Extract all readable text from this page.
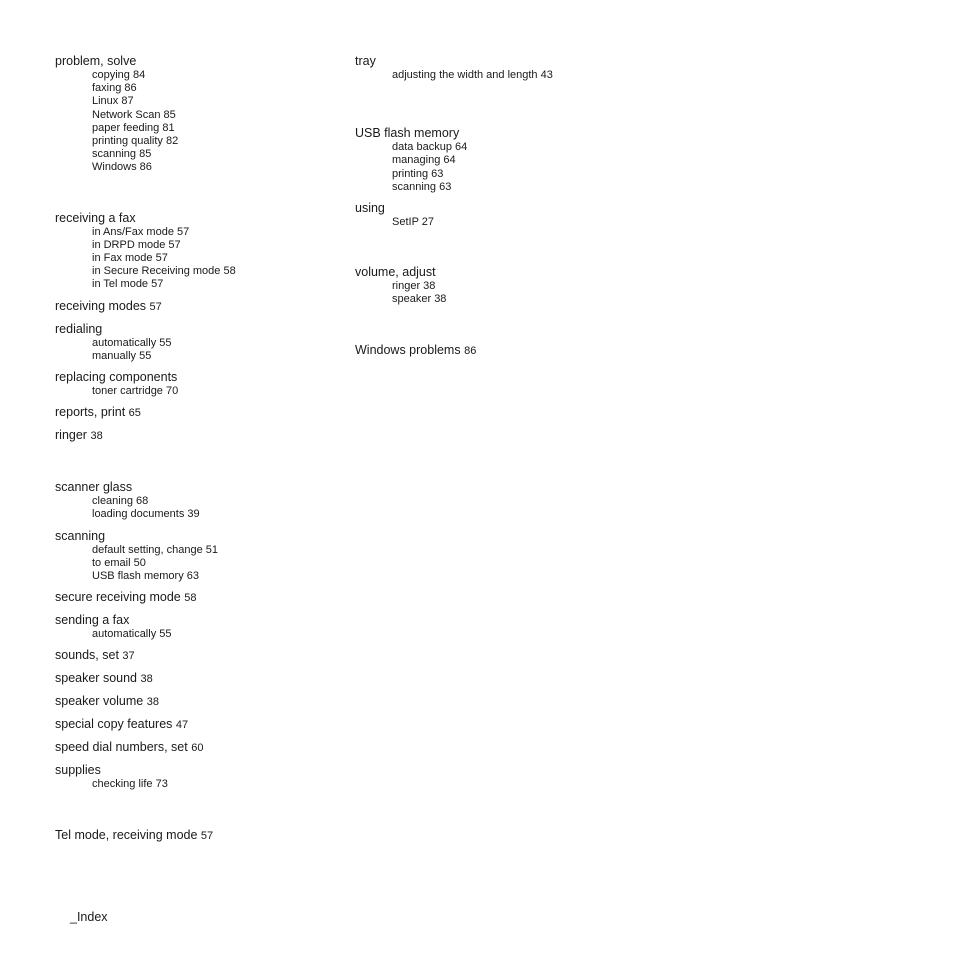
problem, solve
copying 84
faxing 86
Linux 87
Network Scan 85
paper feeding 81
printing quality 82
scanning 85
Windows 86
receiving a fax
in Ans/Fax mode 57
in DRPD mode 57
in Fax mode 57
in Secure Receiving mode 58
in Tel mode 57
receiving modes 57
redialing
automatically 55
manually 55
replacing components
toner cartridge 70
reports, print 65
ringer 38
scanner glass
cleaning 68
loading documents 39
scanning
default setting, change 51
to email 50
USB flash memory 63
secure receiving mode 58
sending a fax
automatically 55
sounds, set 37
speaker sound 38
speaker volume 38
special copy features 47
speed dial numbers, set 60
supplies
checking life 73
Tel mode, receiving mode 57
tray
adjusting the width and length 43
USB flash memory
data backup 64
managing 64
printing 63
scanning 63
using
SetIP 27
volume, adjust
ringer 38
speaker 38
Windows problems 86
_Index
